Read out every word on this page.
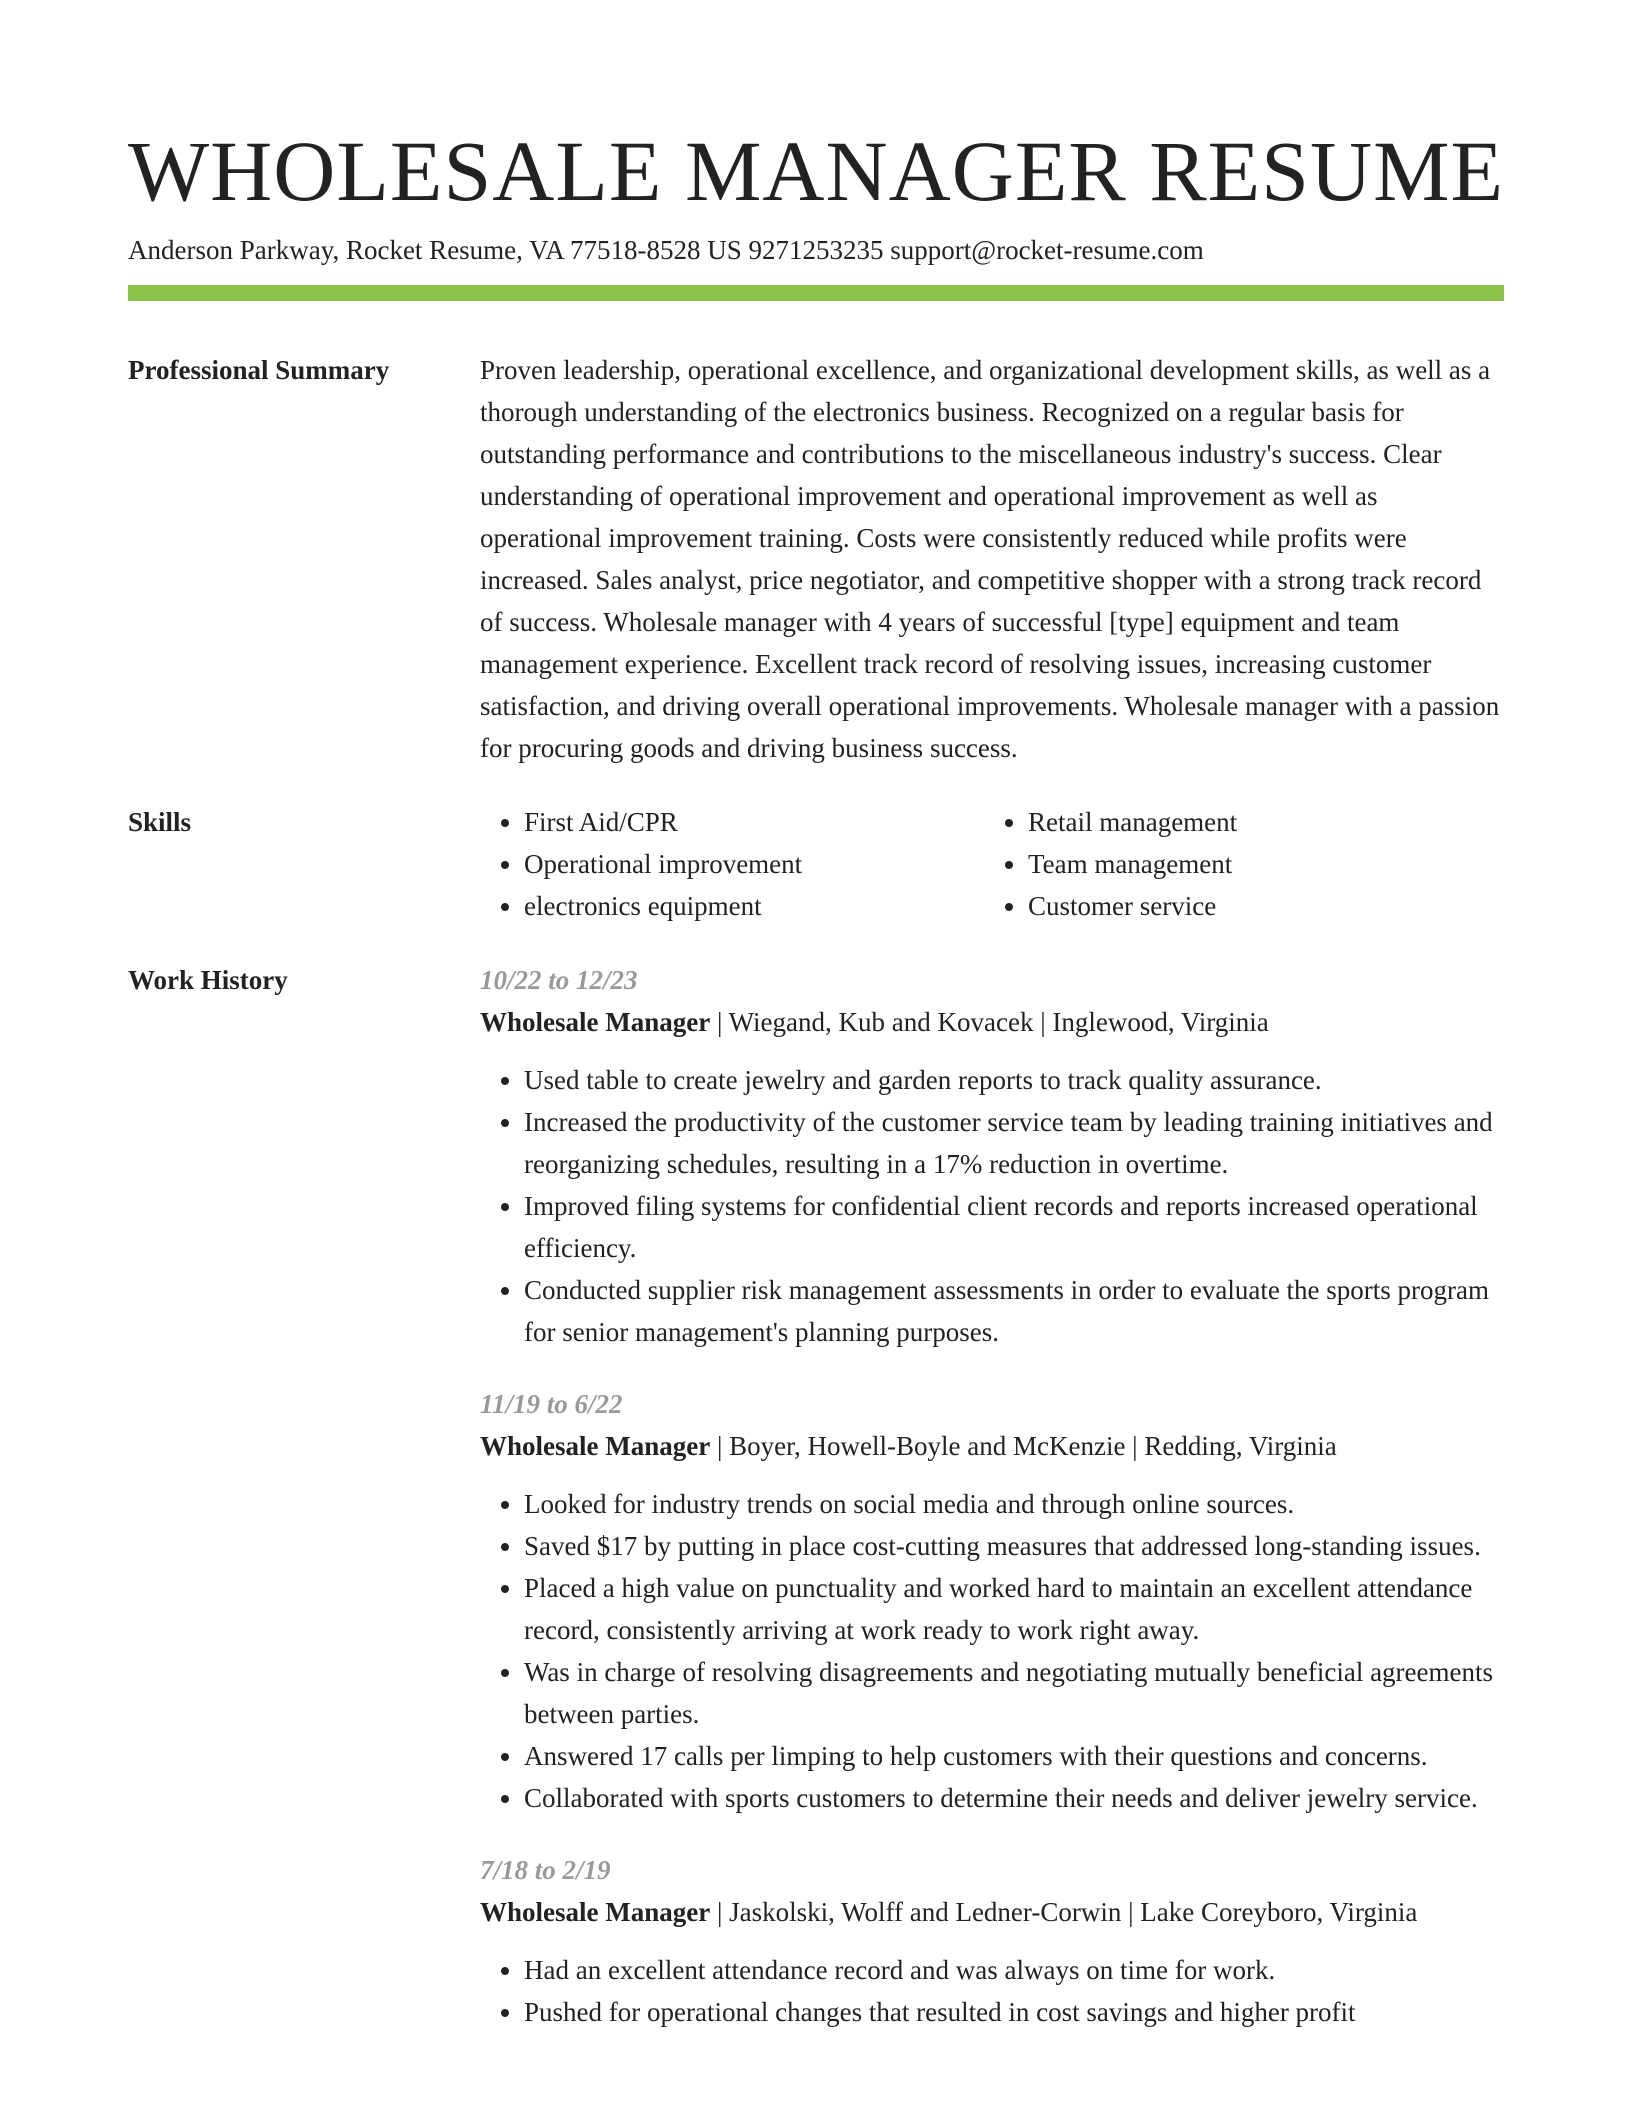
WHOLESALE MANAGER RESUME
Anderson Parkway, Rocket Resume, VA 77518-8528 US 9271253235 support@rocket-resume.com
Professional Summary	Proven leadership, operational excellence, and organizational development skills, as well as a thorough understanding of the electronics business. Recognized on a regular basis for outstanding performance and contributions to the miscellaneous industry's success. Clear understanding of operational improvement and operational improvement as well as operational improvement training. Costs were consistently reduced while profits were increased. Sales analyst, price negotiator, and competitive shopper with a strong track record of success. Wholesale manager with 4 years of successful [type] equipment and team management experience. Excellent track record of resolving issues, increasing customer satisfaction, and driving overall operational improvements. Wholesale manager with a passion for procuring goods and driving business success.

Skills
•	First Aid/CPR
• Operational improvement
• electronics equipment
• Retail management
• Team management
• Customer service
Work History	10/22 to 12/23
Wholesale Manager | Wiegand, Kub and Kovacek | Inglewood, Virginia
• Used table to create jewelry and garden reports to track quality assurance.
• Increased the productivity of the customer service team by leading training initiatives and reorganizing schedules, resulting in a 17% reduction in overtime.
• Improved filing systems for confidential client records and reports increased operational efficiency.
• Conducted supplier risk management assessments in order to evaluate the sports program for senior management's planning purposes.
11/19 to 6/22
Wholesale Manager | Boyer, Howell-Boyle and McKenzie | Redding, Virginia
• Looked for industry trends on social media and through online sources.
• Saved $17 by putting in place cost-cutting measures that addressed long-standing issues.
• Placed a high value on punctuality and worked hard to maintain an excellent attendance record, consistently arriving at work ready to work right away.
• Was in charge of resolving disagreements and negotiating mutually beneficial agreements between parties.
• Answered 17 calls per limping to help customers with their questions and concerns.
• Collaborated with sports customers to determine their needs and deliver jewelry service.
7/18 to 2/19
Wholesale Manager | Jaskolski, Wolff and Ledner-Corwin | Lake Coreyboro, Virginia
• Had an excellent attendance record and was always on time for work.
• Pushed for operational changes that resulted in cost savings and higher profit
